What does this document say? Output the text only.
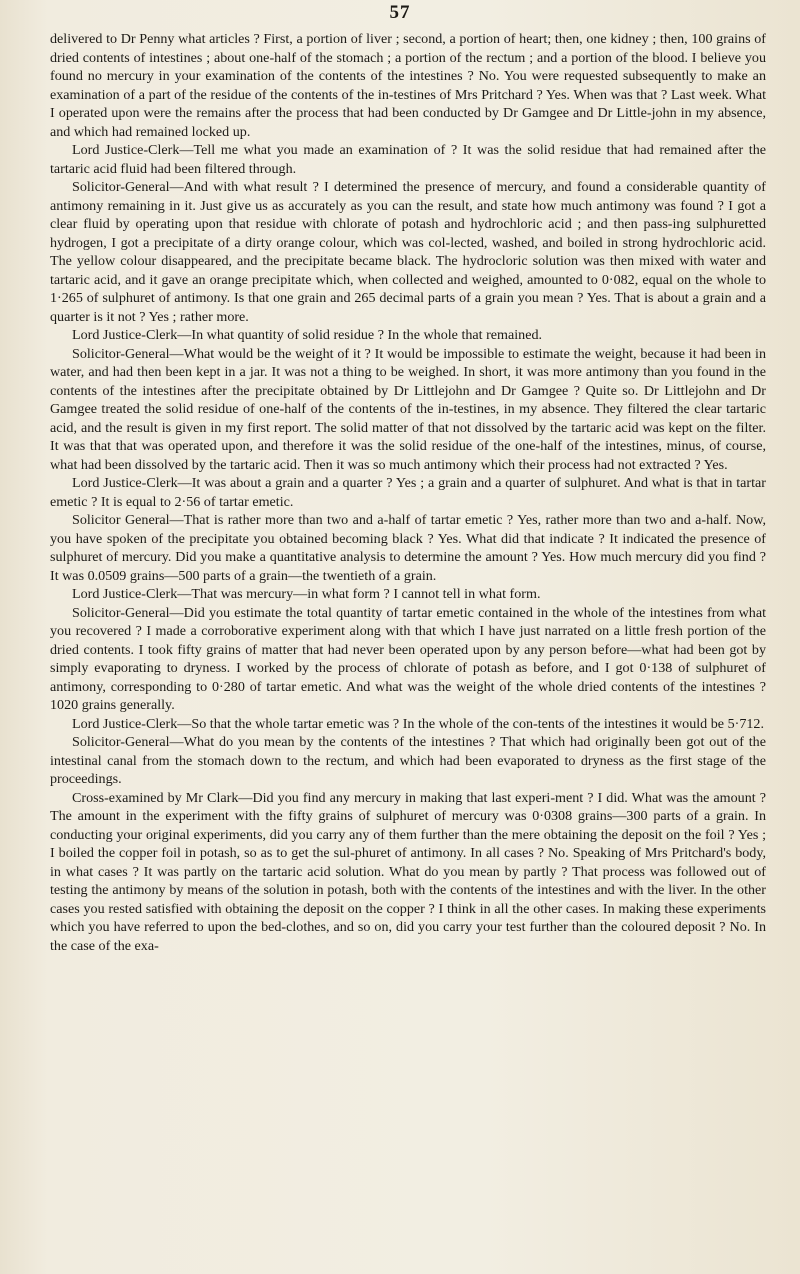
57

delivered to Dr Penny what articles ? First, a portion of liver ; second, a portion of heart; then, one kidney ; then, 100 grains of dried contents of intestines ; about one-half of the stomach ; a portion of the rectum ; and a portion of the blood. I believe you found no mercury in your examination of the contents of the intestines ? No. You were requested subsequently to make an examination of a part of the residue of the contents of the in-testines of Mrs Pritchard ? Yes. When was that ? Last week. What I operated upon were the remains after the process that had been conducted by Dr Gamgee and Dr Little-john in my absence, and which had remained locked up.

Lord Justice-Clerk—Tell me what you made an examination of ? It was the solid residue that had remained after the tartaric acid fluid had been filtered through.

Solicitor-General—And with what result ? I determined the presence of mercury, and found a considerable quantity of antimony remaining in it. Just give us as accurately as you can the result, and state how much antimony was found ? I got a clear fluid by operating upon that residue with chlorate of potash and hydrochloric acid ; and then pass-ing sulphuretted hydrogen, I got a precipitate of a dirty orange colour, which was col-lected, washed, and boiled in strong hydrochloric acid. The yellow colour disappeared, and the precipitate became black. The hydrocloric solution was then mixed with water and tartaric acid, and it gave an orange precipitate which, when collected and weighed, amounted to 0·082, equal on the whole to 1·265 of sulphuret of antimony. Is that one grain and 265 decimal parts of a grain you mean ? Yes. That is about a grain and a quarter is it not ? Yes ; rather more.

Lord Justice-Clerk—In what quantity of solid residue ? In the whole that remained.

Solicitor-General—What would be the weight of it ? It would be impossible to estimate the weight, because it had been in water, and had then been kept in a jar. It was not a thing to be weighed. In short, it was more antimony than you found in the contents of the intestines after the precipitate obtained by Dr Littlejohn and Dr Gamgee ? Quite so. Dr Littlejohn and Dr Gamgee treated the solid residue of one-half of the contents of the in-testines, in my absence. They filtered the clear tartaric acid, and the result is given in my first report. The solid matter of that not dissolved by the tartaric acid was kept on the filter. It was that that was operated upon, and therefore it was the solid residue of the one-half of the intestines, minus, of course, what had been dissolved by the tartaric acid. Then it was so much antimony which their process had not extracted ? Yes.

Lord Justice-Clerk—It was about a grain and a quarter ? Yes ; a grain and a quarter of sulphuret. And what is that in tartar emetic ? It is equal to 2·56 of tartar emetic.

Solicitor General—That is rather more than two and a-half of tartar emetic ? Yes, rather more than two and a-half. Now, you have spoken of the precipitate you obtained becoming black ? Yes. What did that indicate ? It indicated the presence of sulphuret of mercury. Did you make a quantitative analysis to determine the amount ? Yes. How much mercury did you find ? It was 0.0509 grains—500 parts of a grain—the twentieth of a grain.

Lord Justice-Clerk—That was mercury—in what form ? I cannot tell in what form.

Solicitor-General—Did you estimate the total quantity of tartar emetic contained in the whole of the intestines from what you recovered ? I made a corroborative experiment along with that which I have just narrated on a little fresh portion of the dried contents. I took fifty grains of matter that had never been operated upon by any person before—what had been got by simply evaporating to dryness. I worked by the process of chlorate of potash as before, and I got 0·138 of sulphuret of antimony, corresponding to 0·280 of tartar emetic. And what was the weight of the whole dried contents of the intestines ? 1020 grains generally.

Lord Justice-Clerk—So that the whole tartar emetic was ? In the whole of the con-tents of the intestines it would be 5·712.

Solicitor-General—What do you mean by the contents of the intestines ? That which had originally been got out of the intestinal canal from the stomach down to the rectum, and which had been evaporated to dryness as the first stage of the proceedings.

Cross-examined by Mr Clark—Did you find any mercury in making that last experi-ment ? I did. What was the amount ? The amount in the experiment with the fifty grains of sulphuret of mercury was 0·0308 grains—300 parts of a grain. In conducting your original experiments, did you carry any of them further than the mere obtaining the deposit on the foil ? Yes ; I boiled the copper foil in potash, so as to get the sul-phuret of antimony. In all cases ? No. Speaking of Mrs Pritchard's body, in what cases ? It was partly on the tartaric acid solution. What do you mean by partly ? That process was followed out of testing the antimony by means of the solution in potash, both with the contents of the intestines and with the liver. In the other cases you rested satisfied with obtaining the deposit on the copper ? I think in all the other cases. In making these experiments which you have referred to upon the bed-clothes, and so on, did you carry your test further than the coloured deposit ? No. In the case of the exa-
